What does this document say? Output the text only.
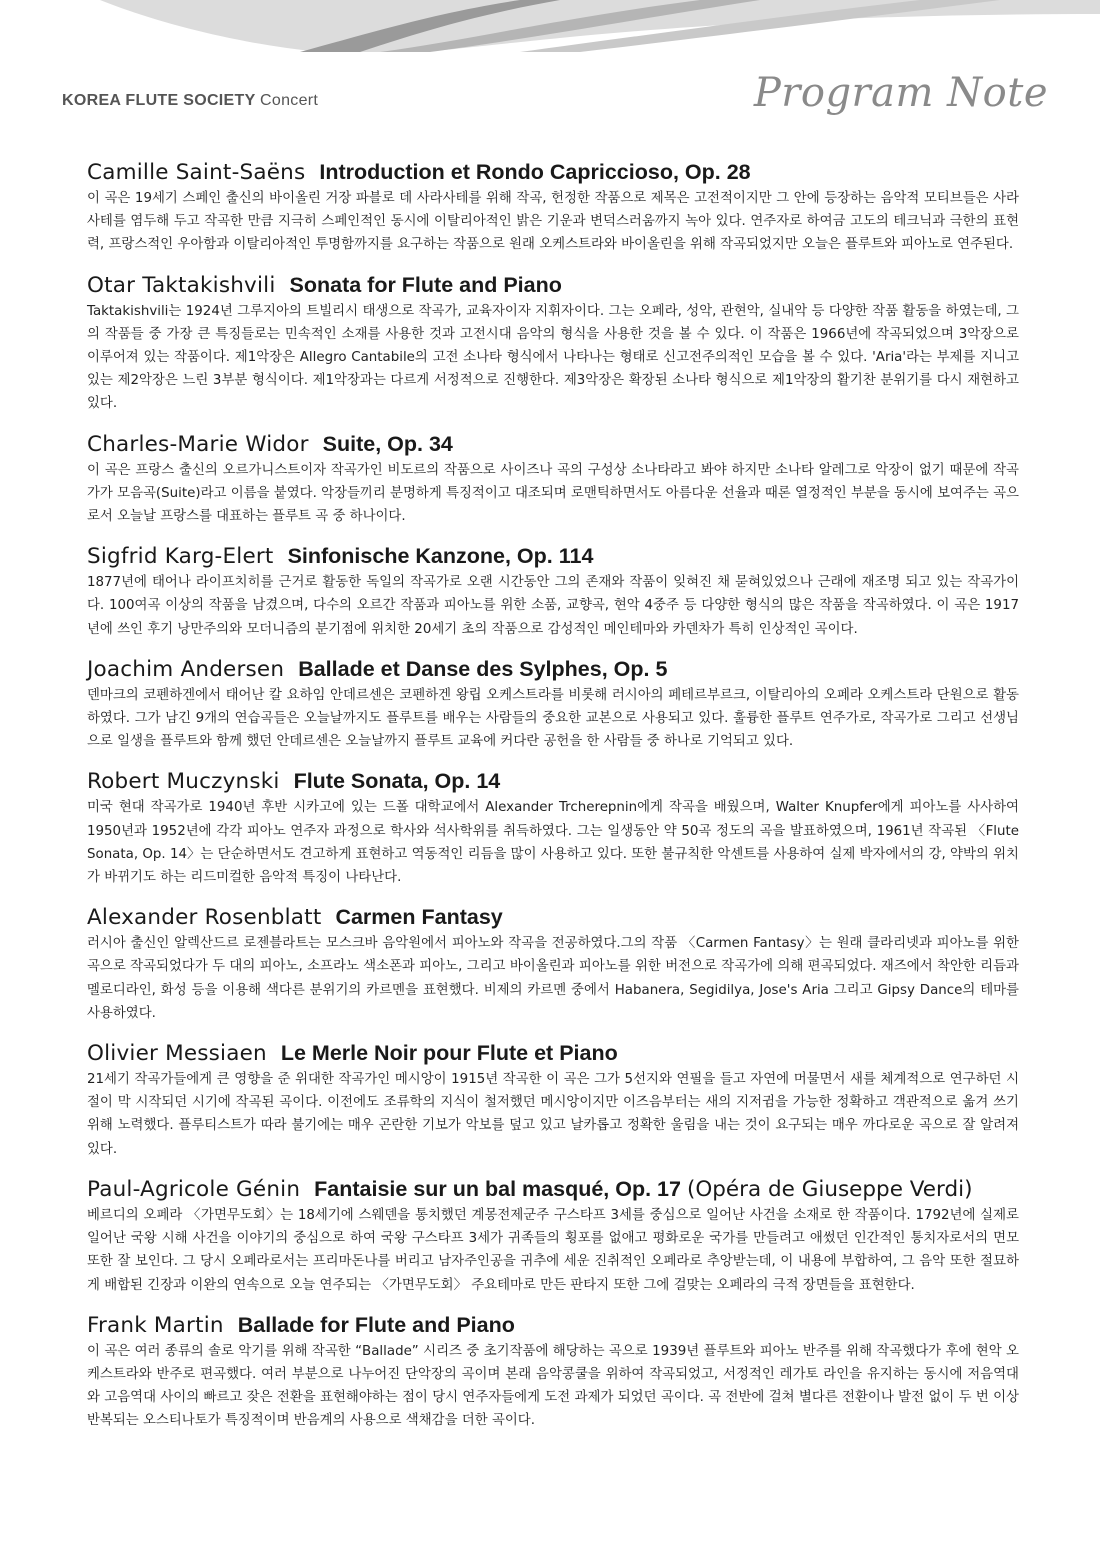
KOREA FLUTE SOCIETY Concert	Program Note
Camille Saint-Saëns Introduction et Rondo Capriccioso, Op. 28

이 곡은 19세기 스페인 출신의 바이올린 거장 파블로 데 사라사테를 위해 작곡, 헌정한 작품으로 제목은 고전적이지만 그 안에 등장하는 음악적 모티브들은 사라사테를 염두해 두고 작곡한 만큼 지극히 스페인적인 동시에 이탈리아적인 밝은 기운과 변덕스러움까지 녹아 있다. 연주자로 하여금 고도의 테크닉과 극한의 표현력, 프랑스적인 우아함과 이탈리아적인 투명함까지를 요구하는 작품으로 원래 오케스트라와 바이올린을 위해 작곡되었지만 오늘은 플루트와 피아노로 연주된다.

Otar Taktakishvili Sonata for Flute and Piano

Taktakishvili는 1924년 그루지아의 트빌리시 태생으로 작곡가, 교육자이자 지휘자이다. 그는 오페라, 성악, 관현악, 실내악 등 다양한 작품 활동을 하였는데, 그의 작품들 중 가장 큰 특징들로는 민속적인 소재를 사용한 것과 고전시대 음악의 형식을 사용한 것을 볼 수 있다. 이 작품은 1966년에 작곡되었으며 3악장으로 이루어져 있는 작품이다. 제1악장은 Allegro Cantabile의 고전 소나타 형식에서 나타나는 형태로 신고전주의적인 모습을 볼 수 있다. 'Aria'라는 부제를 지니고 있는 제2악장은 느린 3부분 형식이다. 제1악장과는 다르게 서정적으로 진행한다. 제3악장은 확장된 소나타 형식으로 제1악장의 활기찬 분위기를 다시 재현하고 있다.

Charles-Marie Widor Suite, Op. 34

이 곡은 프랑스 출신의 오르가니스트이자 작곡가인 비도르의 작품으로 사이즈나 곡의 구성상 소나타라고 봐야 하지만 소나타 알레그로 악장이 없기 때문에 작곡가가 모음곡(Suite)라고 이름을 붙였다. 악장들끼리 분명하게 특징적이고 대조되며 로맨틱하면서도 아름다운 선율과 때론 열정적인 부분을 동시에 보여주는 곡으로서 오늘날 프랑스를 대표하는 플루트 곡 중 하나이다.

Sigfrid Karg-Elert Sinfonische Kanzone, Op. 114

1877년에 태어나 라이프치히를 근거로 활동한 독일의 작곡가로 오랜 시간동안 그의 존재와 작품이 잊혀진 채 묻혀있었으나 근래에 재조명 되고 있는 작곡가이다. 100여곡 이상의 작품을 남겼으며, 다수의 오르간 작품과 피아노를 위한 소품, 교향곡, 현악 4중주 등 다양한 형식의 많은 작품을 작곡하였다. 이 곡은 1917년에 쓰인 후기 낭만주의와 모더니즘의 분기점에 위치한 20세기 초의 작품으로 감성적인 메인테마와 카덴차가 특히 인상적인 곡이다.

Joachim Andersen Ballade et Danse des Sylphes, Op. 5

덴마크의 코펜하겐에서 태어난 칼 요하임 안데르센은 코펜하겐 왕립 오케스트라를 비롯해 러시아의 페테르부르크, 이탈리아의 오페라 오케스트라 단원으로 활동하였다. 그가 남긴 9개의 연습곡들은 오늘날까지도 플루트를 배우는 사람들의 중요한 교본으로 사용되고 있다. 훌륭한 플루트 연주가로, 작곡가로 그리고 선생님으로 일생을 플루트와 함께 했던 안데르센은 오늘날까지 플루트 교육에 커다란 공헌을 한 사람들 중 하나로 기억되고 있다.

Robert Muczynski Flute Sonata, Op. 14

미국 현대 작곡가로 1940년 후반 시카고에 있는 드폴 대학교에서 Alexander Trcherepnin에게 작곡을 배웠으며, Walter Knupfer에게 피아노를 사사하여 1950년과 1952년에 각각 피아노 연주자 과정으로 학사와 석사학위를 취득하였다. 그는 일생동안 약 50곡 정도의 곡을 발표하였으며, 1961년 작곡된 〈Flute Sonata, Op. 14〉는 단순하면서도 견고하게 표현하고 역동적인 리듬을 많이 사용하고 있다. 또한 불규칙한 악센트를 사용하여 실제 박자에서의 강, 약박의 위치가 바뀌기도 하는 리드미컬한 음악적 특징이 나타난다.

Alexander Rosenblatt Carmen Fantasy

러시아 출신인 알렉산드르 로젠블라트는 모스크바 음악원에서 피아노와 작곡을 전공하였다.그의 작품 〈Carmen Fantasy〉는 원래 클라리넷과 피아노를 위한 곡으로 작곡되었다가 두 대의 피아노, 소프라노 색소폰과 피아노, 그리고 바이올린과 피아노를 위한 버전으로 작곡가에 의해 편곡되었다. 재즈에서 착안한 리듬과 멜로디라인, 화성 등을 이용해 색다른 분위기의 카르멘을 표현했다. 비제의 카르멘 중에서 Habanera, Segidilya, Jose's Aria 그리고 Gipsy Dance의 테마를 사용하였다.

Olivier Messiaen Le Merle Noir pour Flute et Piano

21세기 작곡가들에게 큰 영향을 준 위대한 작곡가인 메시앙이 1915년 작곡한 이 곡은 그가 5선지와 연필을 들고 자연에 머물면서 새를 체계적으로 연구하던 시절이 막 시작되던 시기에 작곡된 곡이다. 이전에도 조류학의 지식이 철저했던 메시앙이지만 이즈음부터는 새의 지저귐을 가능한 정확하고 객관적으로 옮겨 쓰기 위해 노력했다. 플루티스트가 따라 불기에는 매우 곤란한 기보가 악보를 덮고 있고 날카롭고 정확한 울림을 내는 것이 요구되는 매우 까다로운 곡으로 잘 알려져 있다.

Paul-Agricole Génin Fantaisie sur un bal masqué, Op. 17 (Opéra de Giuseppe Verdi)

베르디의 오페라 〈가면무도회〉는 18세기에 스웨덴을 통치했던 계몽전제군주 구스타프 3세를 중심으로 일어난 사건을 소재로 한 작품이다. 1792년에 실제로 일어난 국왕 시해 사건을 이야기의 중심으로 하여 국왕 구스타프 3세가 귀족들의 횡포를 없애고 평화로운 국가를 만들려고 애썼던 인간적인 통치자로서의 면모 또한 잘 보인다. 그 당시 오페라로서는 프리마돈나를 버리고 남자주인공을 귀추에 세운 진취적인 오페라로 추앙받는데, 이 내용에 부합하여, 그 음악 또한 절묘하게 배합된 긴장과 이완의 연속으로 오늘 연주되는 〈가면무도회〉 주요테마로 만든 판타지 또한 그에 걸맞는 오페라의 극적 장면들을 표현한다.

Frank Martin Ballade for Flute and Piano

이 곡은 여러 종류의 솔로 악기를 위해 작곡한 “Ballade” 시리즈 중 초기작품에 해당하는 곡으로 1939년 플루트와 피아노 반주를 위해 작곡했다가 후에 현악 오케스트라와 반주로 편곡했다. 여러 부분으로 나누어진 단악장의 곡이며 본래 음악콩쿨을 위하여 작곡되었고, 서정적인 레가토 라인을 유지하는 동시에 저음역대와 고음역대 사이의 빠르고 잦은 전환을 표현해야하는 점이 당시 연주자들에게 도전 과제가 되었던 곡이다. 곡 전반에 걸쳐 별다른 전환이나 발전 없이 두 번 이상 반복되는 오스티나토가 특징적이며 반음계의 사용으로 색채감을 더한 곡이다.
